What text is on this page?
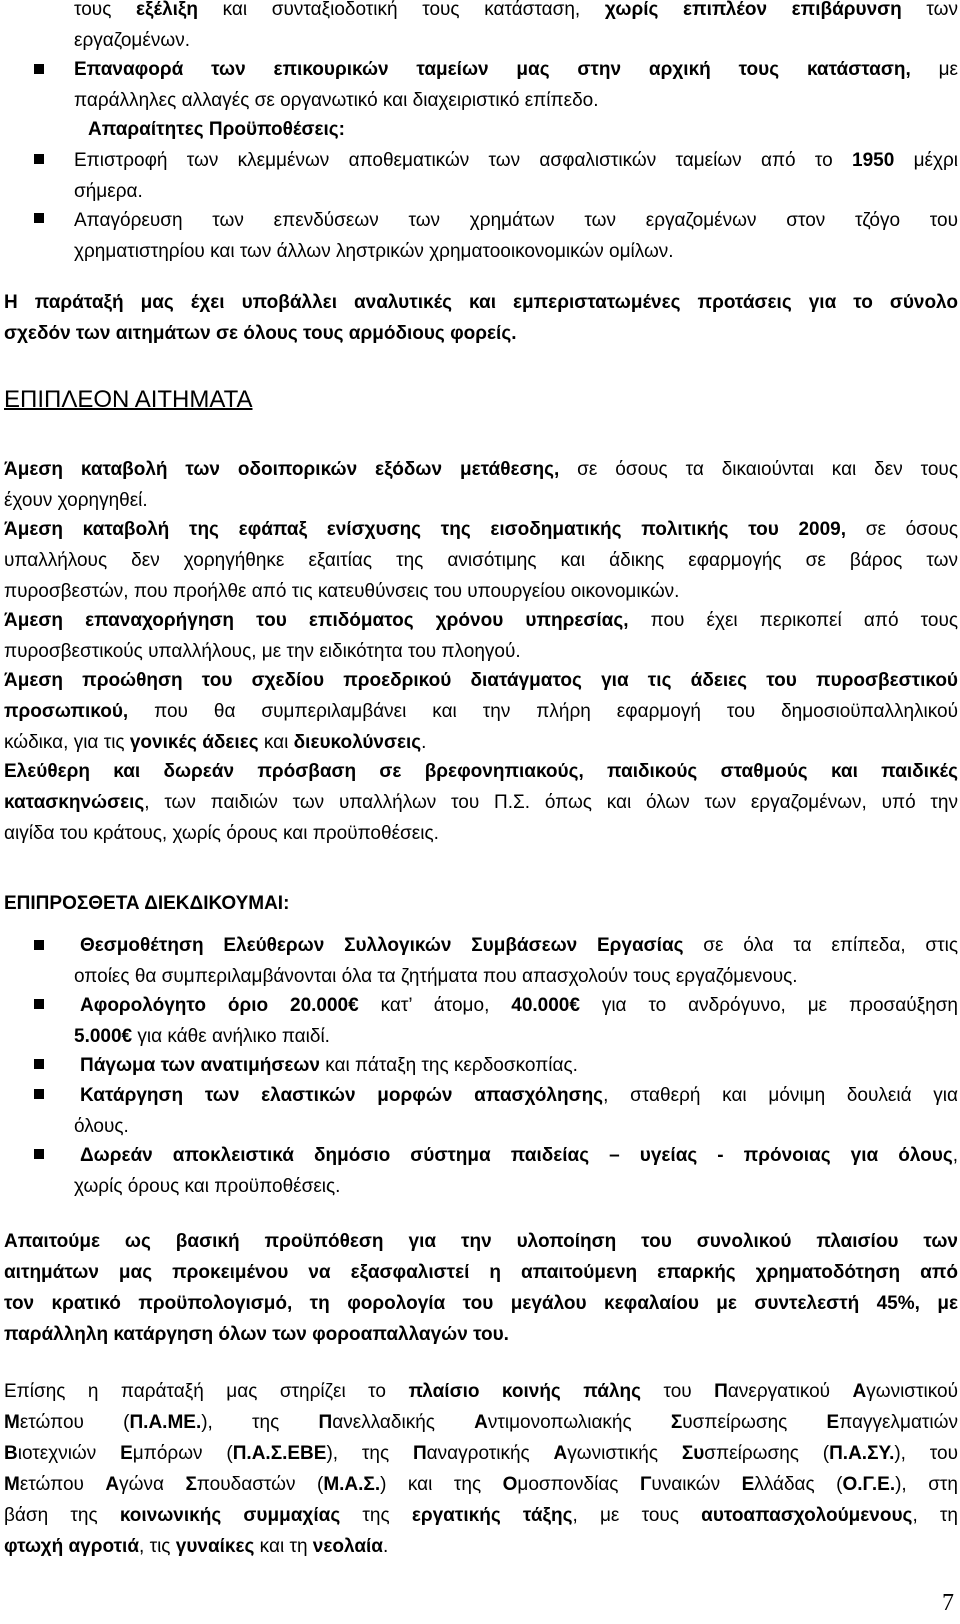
τους εξέλιξη και συνταξιοδοτική τους κατάσταση, χωρίς επιπλέον επιβάρυνση των
εργαζομένων.
Επαναφορά των επικουρικών ταμείων μας στην αρχική τους κατάσταση, με
παράλληλες αλλαγές σε οργανωτικό και διαχειριστικό επίπεδο.
Απαραίτητες Προϋποθέσεις:
Επιστροφή των κλεμμένων αποθεματικών των ασφαλιστικών ταμείων από το 1950 μέχρι
σήμερα.
Απαγόρευση των επενδύσεων των χρημάτων των εργαζομένων στον τζόγο του
χρηματιστηρίου και των άλλων ληστρικών χρηματοοικονομικών ομίλων.
Η παράταξή μας έχει υποβάλλει αναλυτικές και εμπεριστατωμένες προτάσεις για το σύνολο
σχεδόν των αιτημάτων σε όλους τους αρμόδιους φορείς.
ΕΠΙΠΛΕΟΝ ΑΙΤΗΜΑΤΑ
Άμεση καταβολή των οδοιπορικών εξόδων μετάθεσης, σε όσους τα δικαιούνται και δεν τους
έχουν χορηγηθεί.
Άμεση καταβολή της εφάπαξ ενίσχυσης της εισοδηματικής πολιτικής του 2009, σε όσους
υπαλλήλους δεν χορηγήθηκε εξαιτίας της ανισότιμης και άδικης εφαρμογής σε βάρος των
πυροσβεστών, που προήλθε από τις κατευθύνσεις του υπουργείου οικονομικών.
Άμεση επαναχορήγηση του επιδόματος χρόνου υπηρεσίας, που έχει περικοπεί από τους
πυροσβεστικούς υπαλλήλους, με την ειδικότητα του πλοηγού.
Άμεση προώθηση του σχεδίου προεδρικού διατάγματος για τις άδειες του πυροσβεστικού
προσωπικού, που θα συμπεριλαμβάνει και την πλήρη εφαρμογή του δημοσιοϋπαλληλικού
κώδικα, για τις γονικές άδειες και διευκολύνσεις.
Ελεύθερη και δωρεάν πρόσβαση σε βρεφονηπιακούς, παιδικούς σταθμούς και παιδικές
κατασκηνώσεις, των παιδιών των υπαλλήλων του Π.Σ. όπως και όλων των εργαζομένων, υπό την
αιγίδα του κράτους, χωρίς όρους και προϋποθέσεις.
ΕΠΙΠΡΟΣΘΕΤΑ ΔΙΕΚΔΙΚΟΥΜΑΙ:
Θεσμοθέτηση Ελεύθερων Συλλογικών Συμβάσεων Εργασίας σε όλα τα επίπεδα, στις
οποίες θα συμπεριλαμβάνονται όλα τα ζητήματα που απασχολούν τους εργαζόμενους.
Αφορολόγητο όριο 20.000€ κατ’ άτομο, 40.000€ για το ανδρόγυνο, με προσαύξηση
5.000€ για κάθε ανήλικο παιδί.
Πάγωμα των ανατιμήσεων και πάταξη της κερδοσκοπίας.
Κατάργηση των ελαστικών μορφών απασχόλησης, σταθερή και μόνιμη δουλειά για
όλους.
Δωρεάν αποκλειστικά δημόσιο σύστημα παιδείας – υγείας - πρόνοιας για όλους,
χωρίς όρους και προϋποθέσεις.
Απαιτούμε ως βασική προϋπόθεση για την υλοποίηση του συνολικού πλαισίου των
αιτημάτων μας προκειμένου να εξασφαλιστεί η απαιτούμενη επαρκής χρηματοδότηση από
τον κρατικό προϋπολογισμό, τη φορολογία του μεγάλου κεφαλαίου με συντελεστή 45%, με
παράλληλη κατάργηση όλων των φοροαπαλλαγών του.
Επίσης η παράταξή μας στηρίζει το πλαίσιο κοινής πάλης του Πανεργατικού Αγωνιστικού
Μετώπου (Π.Α.ΜΕ.), της Πανελλαδικής Αντιμονοπωλιακής Συσπείρωσης Επαγγελματιών
Βιοτεχνιών Εμπόρων (Π.Α.Σ.ΕΒΕ), της Παναγροτικής Αγωνιστικής Συσπείρωσης (Π.Α.ΣΥ.), του
Μετώπου Αγώνα Σπουδαστών (Μ.Α.Σ.) και της Ομοσπονδίας Γυναικών Ελλάδας (Ο.Γ.Ε.), στη
βάση της κοινωνικής συμμαχίας της εργατικής τάξης, με τους αυτοαπασχολούμενους, τη
φτωχή αγροτιά, τις γυναίκες και τη νεολαία.
7
